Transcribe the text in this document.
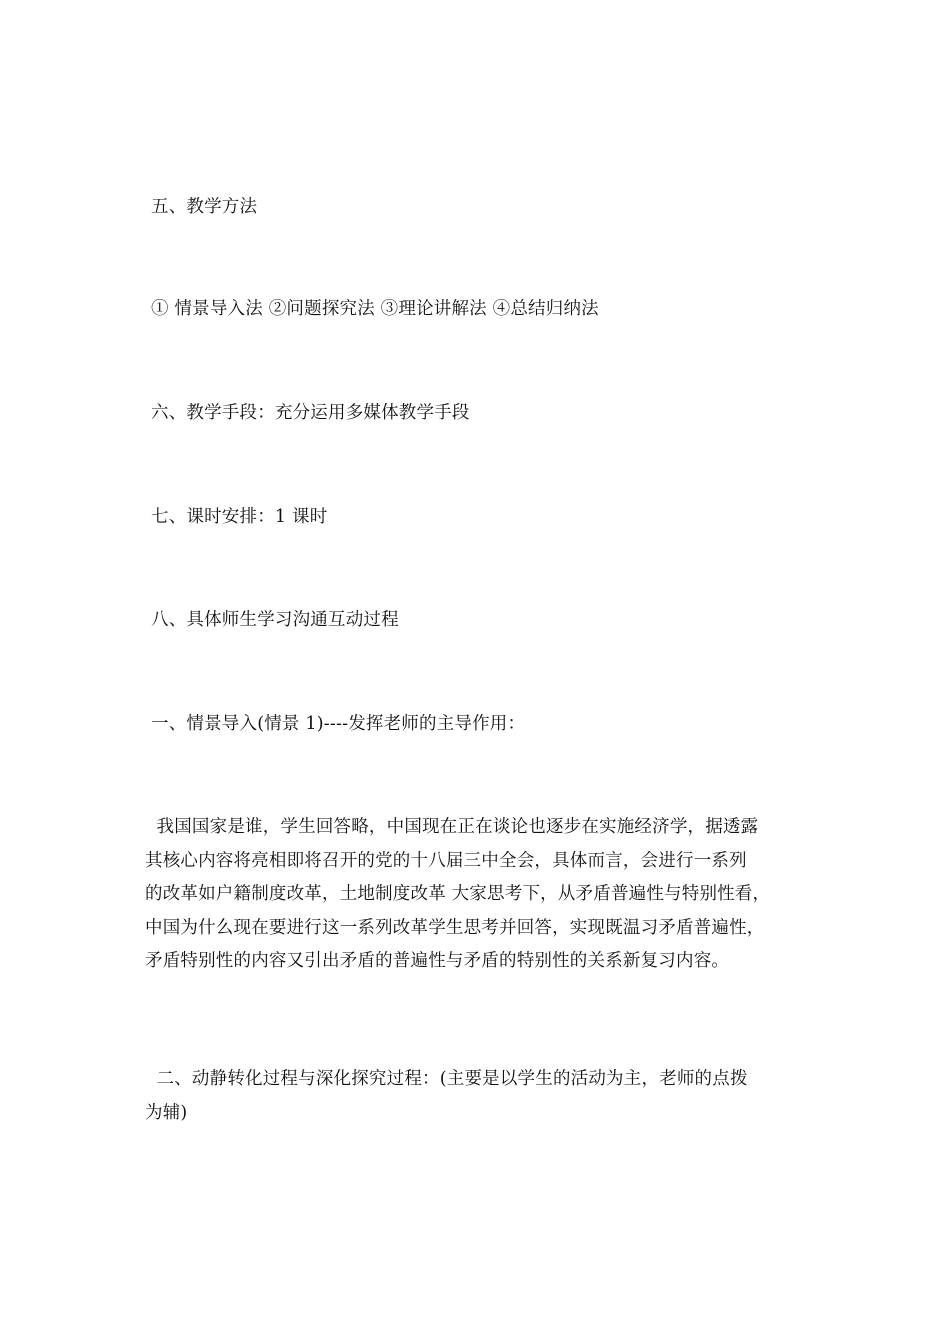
五、教学方法
① 情景导入法 ②问题探究法 ③理论讲解法 ④总结归纳法
六、教学手段：充分运用多媒体教学手段
七、课时安排：1 课时
八、具体师生学习沟通互动过程
一、情景导入(情景 1)----发挥老师的主导作用：
我国国家是谁，学生回答略，中国现在正在谈论也逐步在实施经济学，据透露
其核心内容将亮相即将召开的党的十八届三中全会，具体而言，会进行一系列
的改革如户籍制度改革，土地制度改革 大家思考下，从矛盾普遍性与特别性看，
中国为什么现在要进行这一系列改革学生思考并回答，实现既温习矛盾普遍性，
矛盾特别性的内容又引出矛盾的普遍性与矛盾的特别性的关系新复习内容。
二、动静转化过程与深化探究过程：(主要是以学生的活动为主，老师的点拨
为辅)
